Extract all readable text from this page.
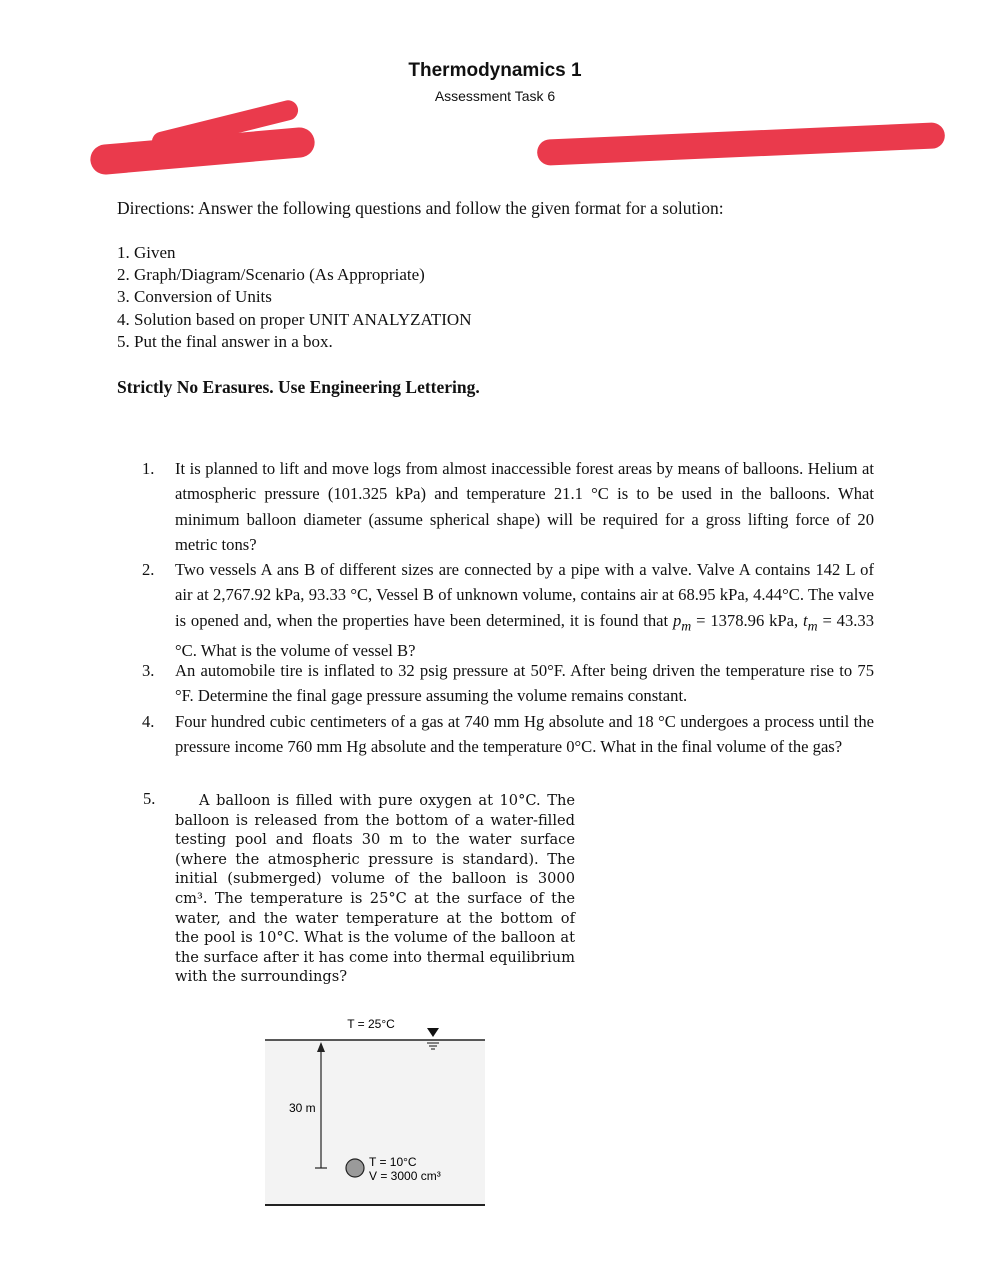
Thermodynamics 1
Assessment Task 6
Directions: Answer the following questions and follow the given format for a solution:
1. Given
2. Graph/Diagram/Scenario (As Appropriate)
3. Conversion of Units
4. Solution based on proper UNIT ANALYZATION
5. Put the final answer in a box.
Strictly No Erasures. Use Engineering Lettering.
1.	It is planned to lift and move logs from almost inaccessible forest areas by means of balloons. Helium at atmospheric pressure (101.325 kPa) and temperature 21.1 °C is to be used in the balloons. What minimum balloon diameter (assume spherical shape) will be required for a gross lifting force of 20 metric tons?
2.	Two vessels A ans B of different sizes are connected by a pipe with a valve. Valve A contains 142 L of air at 2,767.92 kPa, 93.33 °C, Vessel B of unknown volume, contains air at 68.95 kPa, 4.44°C. The valve is opened and, when the properties have been determined, it is found that $p_m = 1378.96$ kPa, $t_m = 43.33$ °C. What is the volume of vessel B?
3.	An automobile tire is inflated to 32 psig pressure at 50°F. After being driven the temperature rise to 75 °F. Determine the final gage pressure assuming the volume remains constant.
4.	Four hundred cubic centimeters of a gas at 740 mm Hg absolute and 18 °C undergoes a process until the pressure income 760 mm Hg absolute and the temperature 0°C. What in the final volume of the gas?
5.	A balloon is filled with pure oxygen at 10°C. The balloon is released from the bottom of a water-filled testing pool and floats 30 m to the water surface (where the atmospheric pressure is standard). The initial (submerged) volume of the balloon is 3000 cm³. The temperature is 25°C at the surface of the water, and the water temperature at the bottom of the pool is 10°C. What is the volume of the balloon at the surface after it has come into thermal equilibrium with the surroundings?
T = 25°C
30 m
T = 10°C
V = 3000 cm³
